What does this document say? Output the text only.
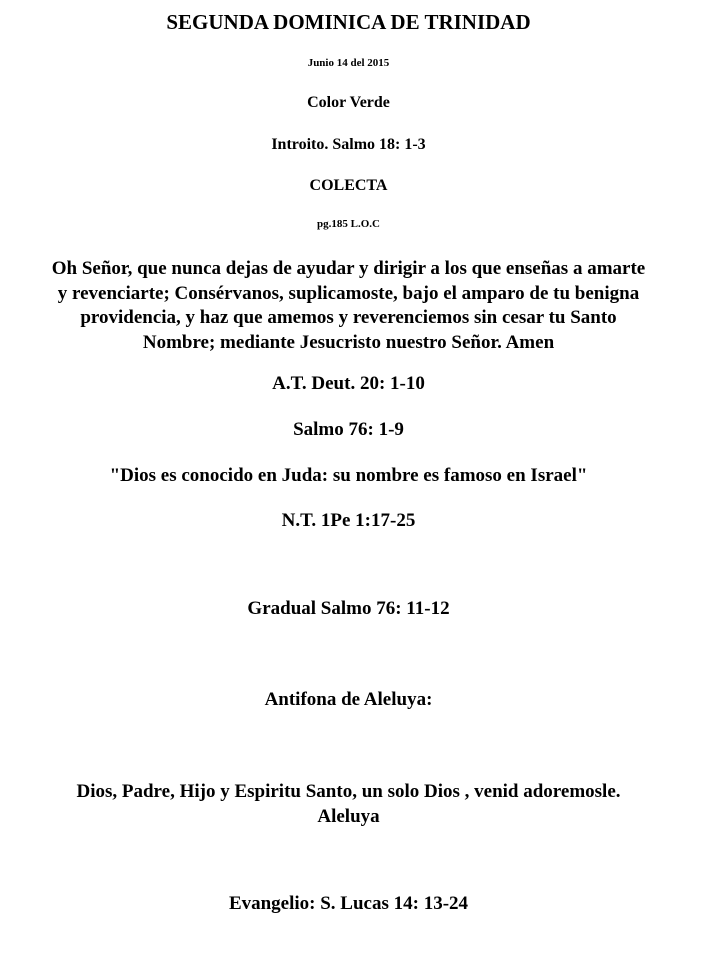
SEGUNDA DOMINICA DE TRINIDAD
Junio 14 del 2015
Color Verde
Introito. Salmo 18: 1-3
COLECTA
pg.185 L.O.C
Oh Señor, que nunca dejas de ayudar y dirigir a los que enseñas a amarte
y revenciarte; Consérvanos, suplicamoste, bajo el amparo de tu benigna
providencia, y haz que amemos y reverenciemos sin cesar tu Santo
Nombre; mediante Jesucristo nuestro Señor. Amen
A.T. Deut. 20: 1-10
Salmo 76: 1-9
"Dios es conocido en Juda: su nombre es famoso en Israel"
N.T. 1Pe 1:17-25
Gradual Salmo 76: 11-12
Antifona de Aleluya:
Dios, Padre, Hijo y Espiritu Santo, un solo Dios , venid adoremosle.
Aleluya
Evangelio: S. Lucas 14: 13-24
